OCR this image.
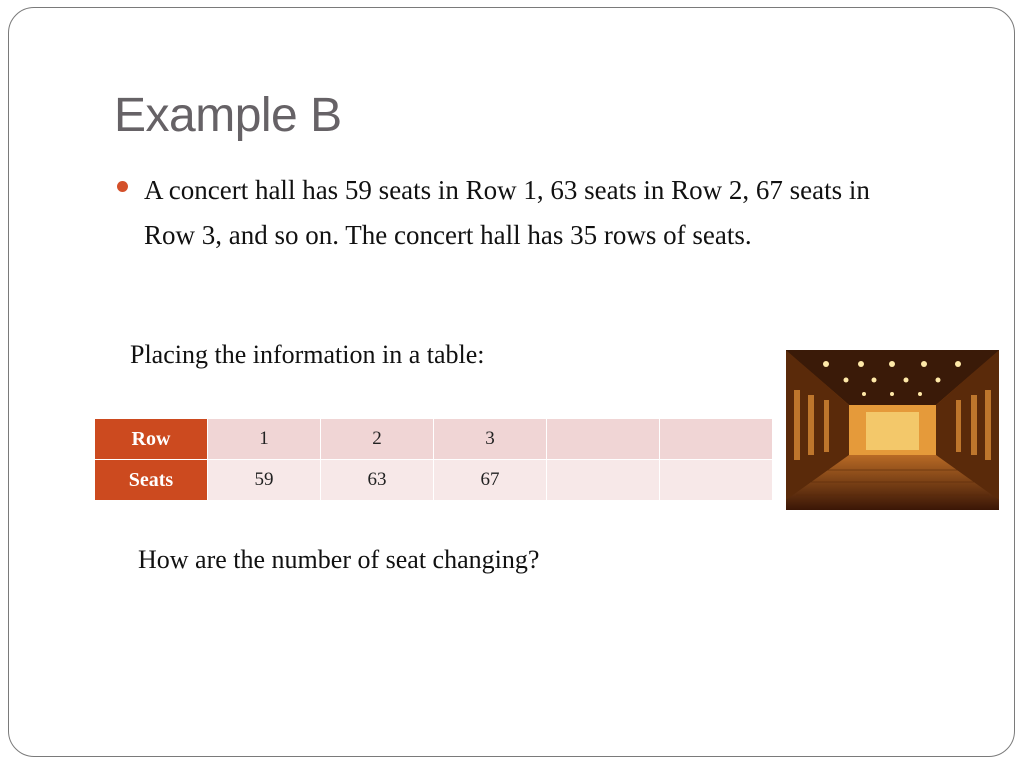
Example B

A concert hall has 59 seats in Row 1, 63 seats in Row 2, 67 seats in Row 3, and so on. The concert hall has 35 rows of seats.

Placing the information in a table:
Row	1	2	3		
Seats	59	63	67		
How are the number of seat changing?
